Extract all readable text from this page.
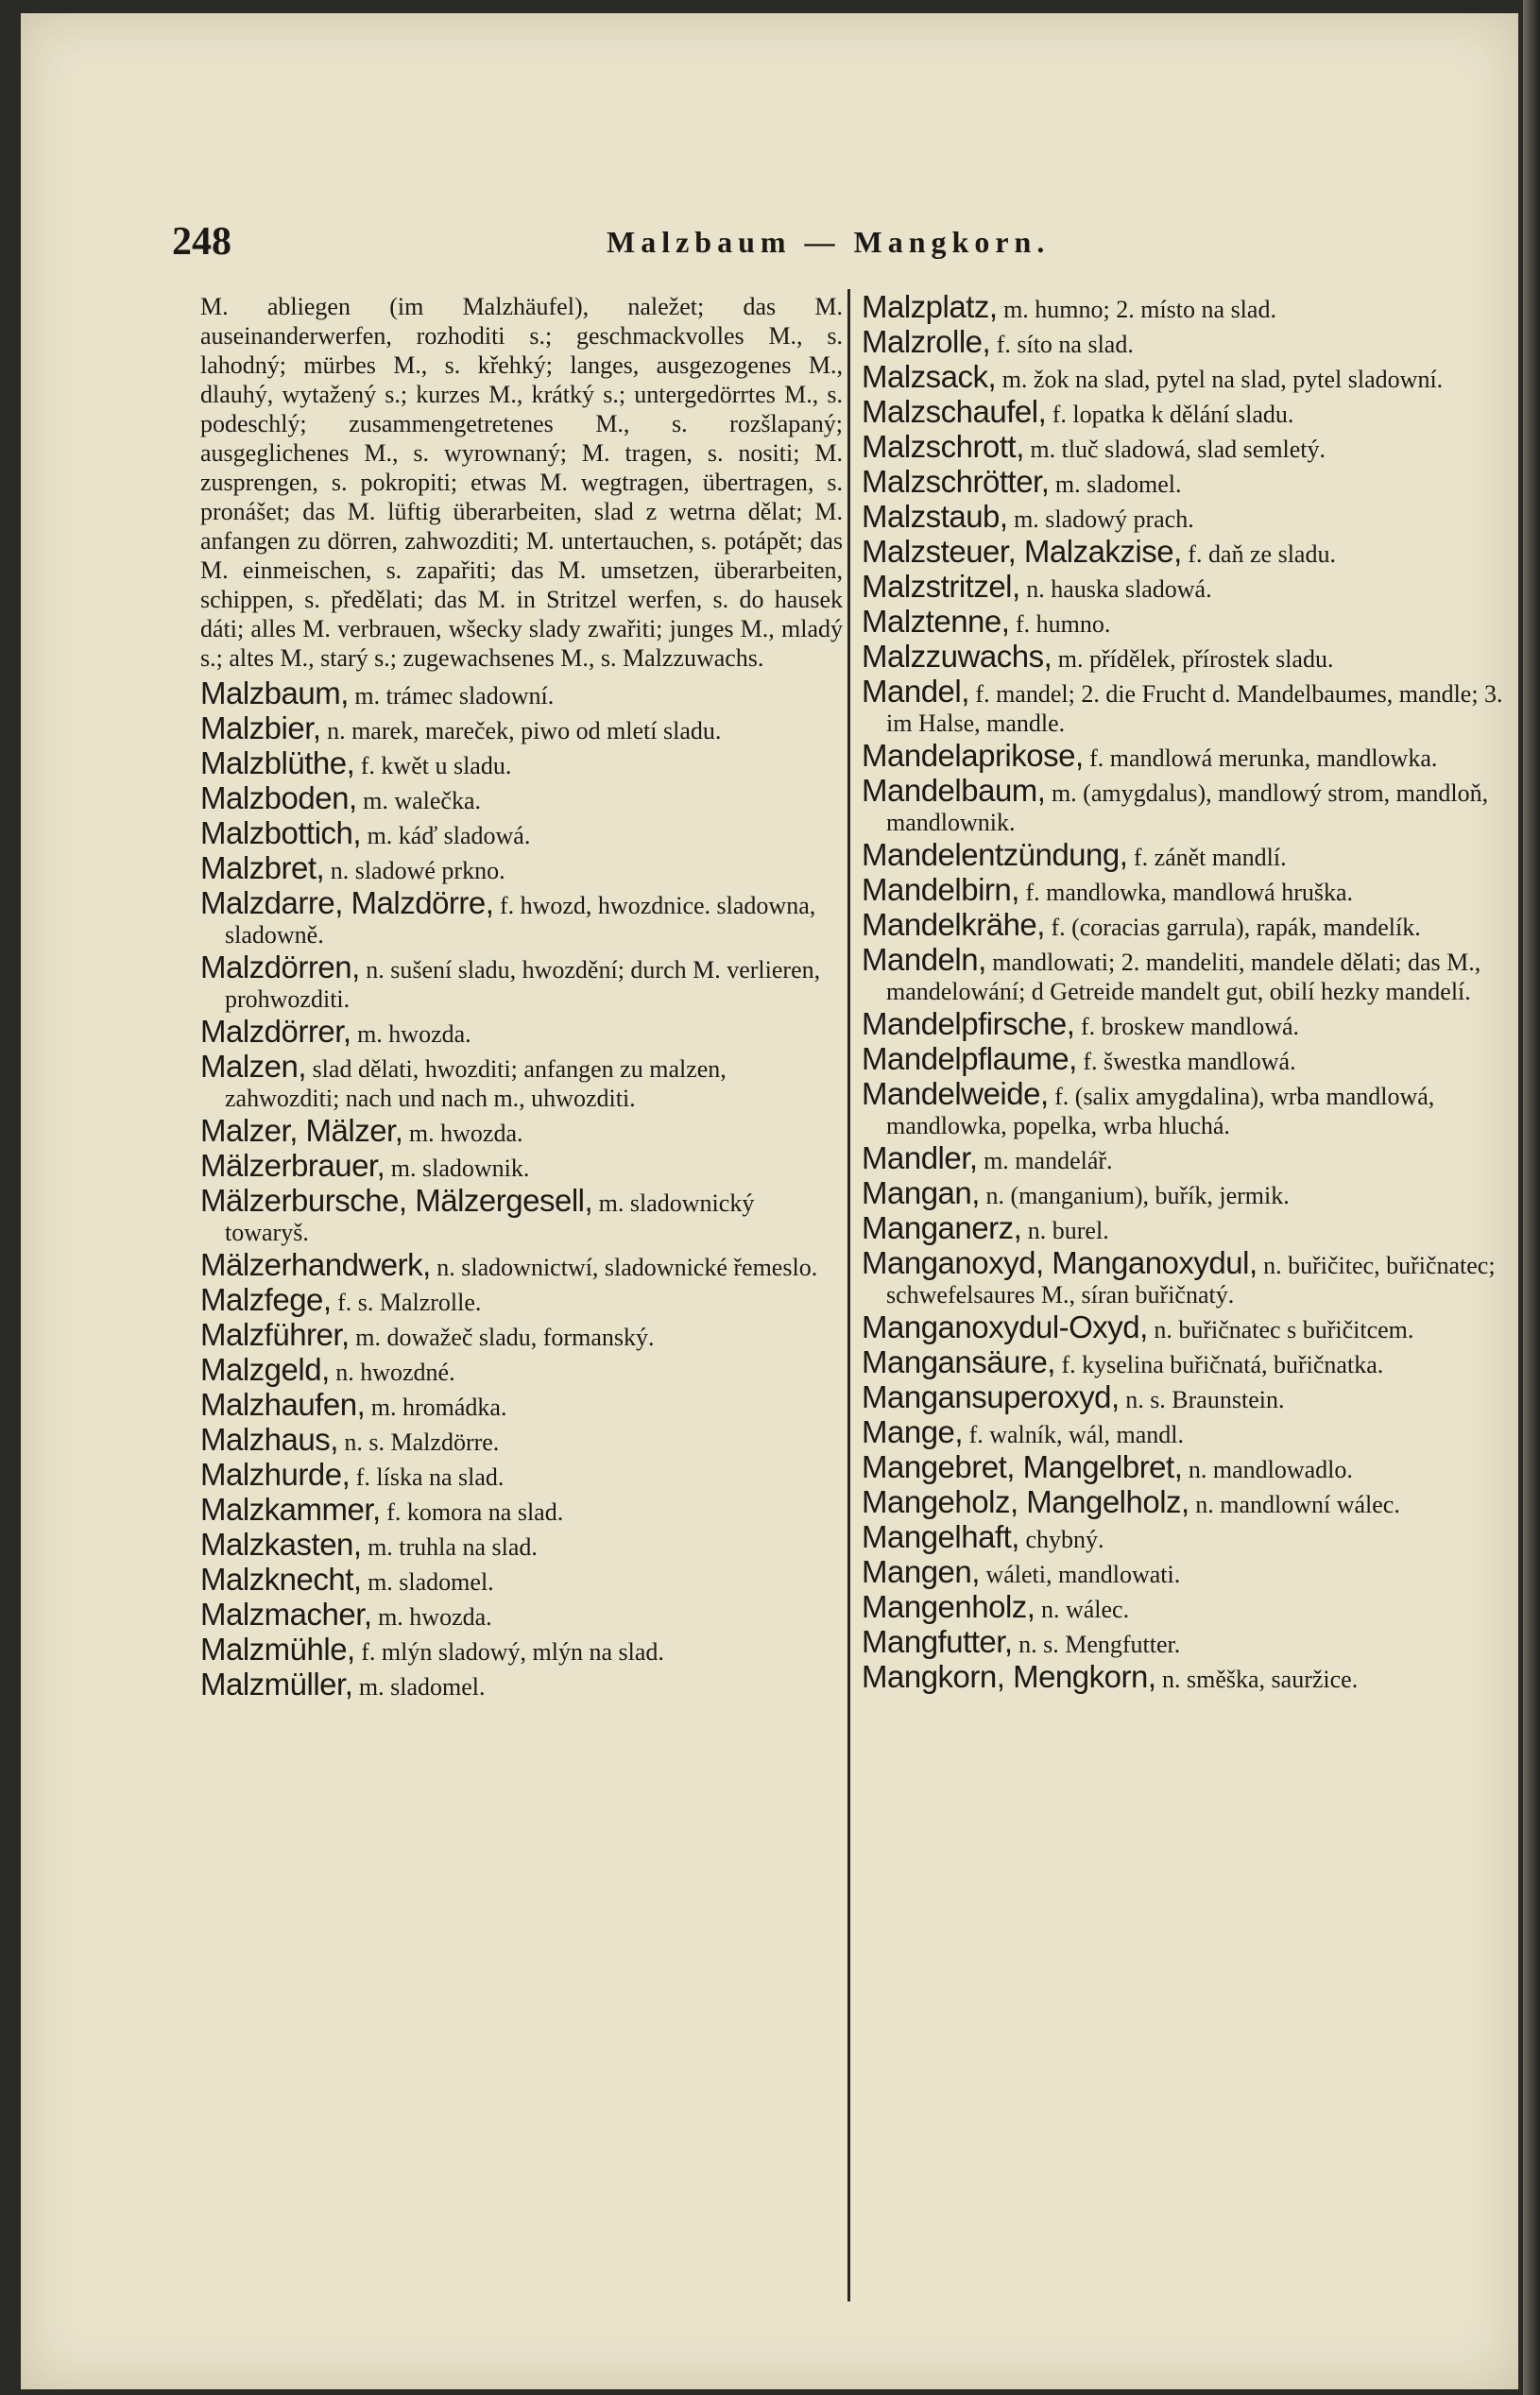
248	Malzbaum — Mangkorn.
M. abliegen (im Malzhäufel), naležet; das M. auseinanderwerfen, rozhoditi s.; geschmackvolles M., s. lahodný; mürbes M., s. křehký; langes, ausgezogenes M., dlauhý, wytažený s.; kurzes M., krátký s.; untergedörrtes M., s. podeschlý; zusammengetretenes M., s. rozšlapaný; ausgeglichenes M., s. wyrownaný; M. tragen, s. nositi; M. zusprengen, s. pokropiti; etwas M. wegtragen, übertragen, s. pronášet; das M. lüftig überarbeiten, slad z wetrna dělat; M. anfangen zu dörren, zahwozditi; M. untertauchen, s. potápět; das M. einmeischen, s. zapařiti; das M. umsetzen, überarbeiten, schippen, s. předělati; das M. in Stritzel werfen, s. do hausek dáti; alles M. verbrauen, wšecky slady zwařiti; junges M., mladý s.; altes M., starý s.; zugewachsenes M., s. Malzzuwachs.
Malzbaum, m. trámec sladowní.
Malzbier, n. marek, mareček, piwo od mletí sladu.
Malzblüthe, f. kwět u sladu.
Malzboden, m. walečka.
Malzbottich, m. káď sladowá.
Malzbret, n. sladowé prkno.
Malzdarre, Malzdörre, f. hwozd, hwozdnice. sladowna, sladowně.
Malzdörren, n. sušení sladu, hwozdění; durch M. verlieren, prohwozditi.
Malzdörrer, m. hwozda.
Malzen, slad dělati, hwozditi; anfangen zu malzen, zahwozditi; nach und nach m., uhwozditi.
Malzer, Mälzer, m. hwozda.
Mälzerbrauer, m. sladownik.
Mälzerbursche, Mälzergesell, m. sladownický towaryš.
Mälzerhandwerk, n. sladownictwí, sladownické řemeslo.
Malzfege, f. s. Malzrolle.
Malzführer, m. dowažeč sladu, formanský.
Malzgeld, n. hwozdné.
Malzhaufen, m. hromádka.
Malzhaus, n. s. Malzdörre.
Malzhurde, f. líska na slad.
Malzkammer, f. komora na slad.
Malzkasten, m. truhla na slad.
Malzknecht, m. sladomel.
Malzmacher, m. hwozda.
Malzmühle, f. mlýn sladowý, mlýn na slad.
Malzmüller, m. sladomel.
Malzplatz, m. humno; 2. místo na slad.
Malzrolle, f. síto na slad.
Malzsack, m. žok na slad, pytel na slad, pytel sladowní.
Malzschaufel, f. lopatka k dělání sladu.
Malzschrott, m. tluč sladowá, slad semletý.
Malzschrötter, m. sladomel.
Malzstaub, m. sladowý prach.
Malzsteuer, Malzakzise, f. daň ze sladu.
Malzstritzel, n. hauska sladowá.
Malztenne, f. humno.
Malzzuwachs, m. přídělek, přírostek sladu.
Mandel, f. mandel; 2. die Frucht d. Mandelbaumes, mandle; 3. im Halse, mandle.
Mandelaprikose, f. mandlowá merunka, mandlowka.
Mandelbaum, m. (amygdalus), mandlowý strom, mandloň, mandlownik.
Mandelentzündung, f. zánět mandlí.
Mandelbirn, f. mandlowka, mandlowá hruška.
Mandelkrähe, f. (coracias garrula), rapák, mandelík.
Mandeln, mandlowati; 2. mandeliti, mandele dělati; das M., mandelowání; d Getreide mandelt gut, obilí hezky mandelí.
Mandelpfirsche, f. broskew mandlowá.
Mandelpflaume, f. šwestka mandlowá.
Mandelweide, f. (salix amygdalina), wrba mandlowá, mandlowka, popelka, wrba hluchá.
Mandler, m. mandelář.
Mangan, n. (manganium), buřík, jermik.
Manganerz, n. burel.
Manganoxyd, Manganoxydul, n. buřičitec, buřičnatec; schwefelsaures M., síran buřičnatý.
Manganoxydul-Oxyd, n. buřičnatec s buřičitcem.
Mangansäure, f. kyselina buřičnatá, buřičnatka.
Mangansuperoxyd, n. s. Braunstein.
Mange, f. walník, wál, mandl.
Mangebret, Mangelbret, n. mandlowadlo.
Mangeholz, Mangelholz, n. mandlowní wálec.
Mangelhaft, chybný.
Mangen, wáleti, mandlowati.
Mangenholz, n. wálec.
Mangfutter, n. s. Mengfutter.
Mangkorn, Mengkorn, n. směška, sauržice.
